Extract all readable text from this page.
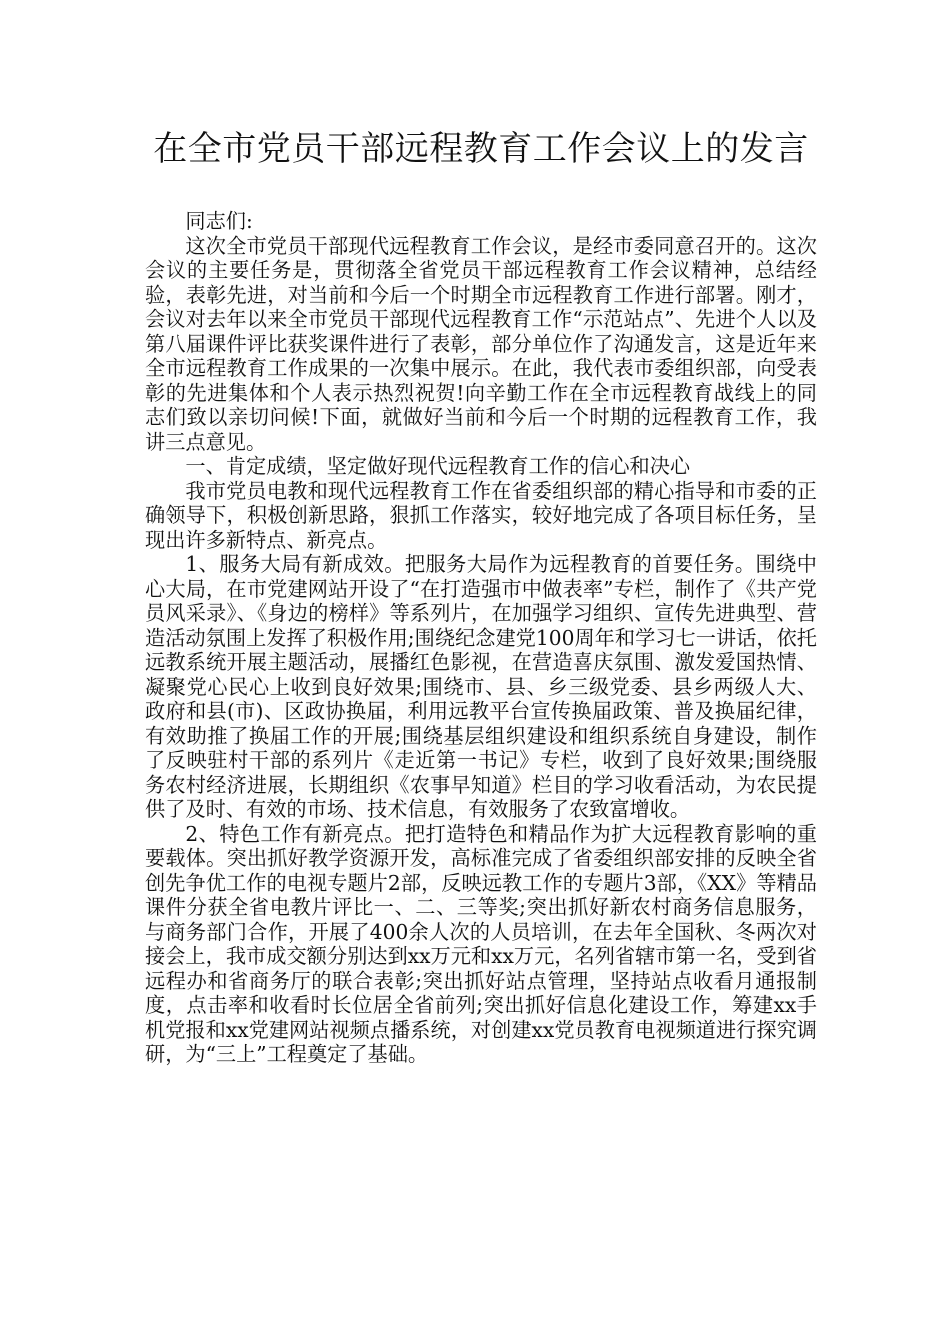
在全市党员干部远程教育工作会议上的发言

同志们:

这次全市党员干部现代远程教育工作会议，是经市委同意召开的。这次会议的主要任务是，贯彻落全省党员干部远程教育工作会议精神，总结经验，表彰先进，对当前和今后一个时期全市远程教育工作进行部署。刚才，会议对去年以来全市党员干部现代远程教育工作“示范站点”、先进个人以及第八届课件评比获奖课件进行了表彰，部分单位作了沟通发言，这是近年来全市远程教育工作成果的一次集中展示。在此，我代表市委组织部，向受表彰的先进集体和个人表示热烈祝贺!向辛勤工作在全市远程教育战线上的同志们致以亲切问候!下面，就做好当前和今后一个时期的远程教育工作，我讲三点意见。

一、肯定成绩，坚定做好现代远程教育工作的信心和决心

我市党员电教和现代远程教育工作在省委组织部的精心指导和市委的正确领导下，积极创新思路，狠抓工作落实，较好地完成了各项目标任务，呈现出许多新特点、新亮点。

1、服务大局有新成效。把服务大局作为远程教育的首要任务。围绕中心大局，在市党建网站开设了“在打造强市中做表率”专栏，制作了《共产党员风采录》、《身边的榜样》等系列片，在加强学习组织、宣传先进典型、营造活动氛围上发挥了积极作用;围绕纪念建党100周年和学习七一讲话，依托远教系统开展主题活动，展播红色影视，在营造喜庆氛围、激发爱国热情、凝聚党心民心上收到良好效果;围绕市、县、乡三级党委、县乡两级人大、政府和县(市)、区政协换届，利用远教平台宣传换届政策、普及换届纪律，有效助推了换届工作的开展;围绕基层组织建设和组织系统自身建设，制作了反映驻村干部的系列片《走近第一书记》专栏，收到了良好效果;围绕服务农村经济进展，长期组织《农事早知道》栏目的学习收看活动，为农民提供了及时、有效的市场、技术信息，有效服务了农致富增收。

2、特色工作有新亮点。把打造特色和精品作为扩大远程教育影响的重要载体。突出抓好教学资源开发，高标准完成了省委组织部安排的反映全省创先争优工作的电视专题片2部，反映远教工作的专题片3部，《XX》等精品课件分获全省电教片评比一、二、三等奖;突出抓好新农村商务信息服务，与商务部门合作，开展了400余人次的人员培训，在去年全国秋、冬两次对接会上，我市成交额分别达到xx万元和xx万元，名列省辖市第一名，受到省远程办和省商务厅的联合表彰;突出抓好站点管理，坚持站点收看月通报制度，点击率和收看时长位居全省前列;突出抓好信息化建设工作，筹建xx手机党报和xx党建网站视频点播系统，对创建xx党员教育电视频道进行探究调研，为“三上”工程奠定了基础。
